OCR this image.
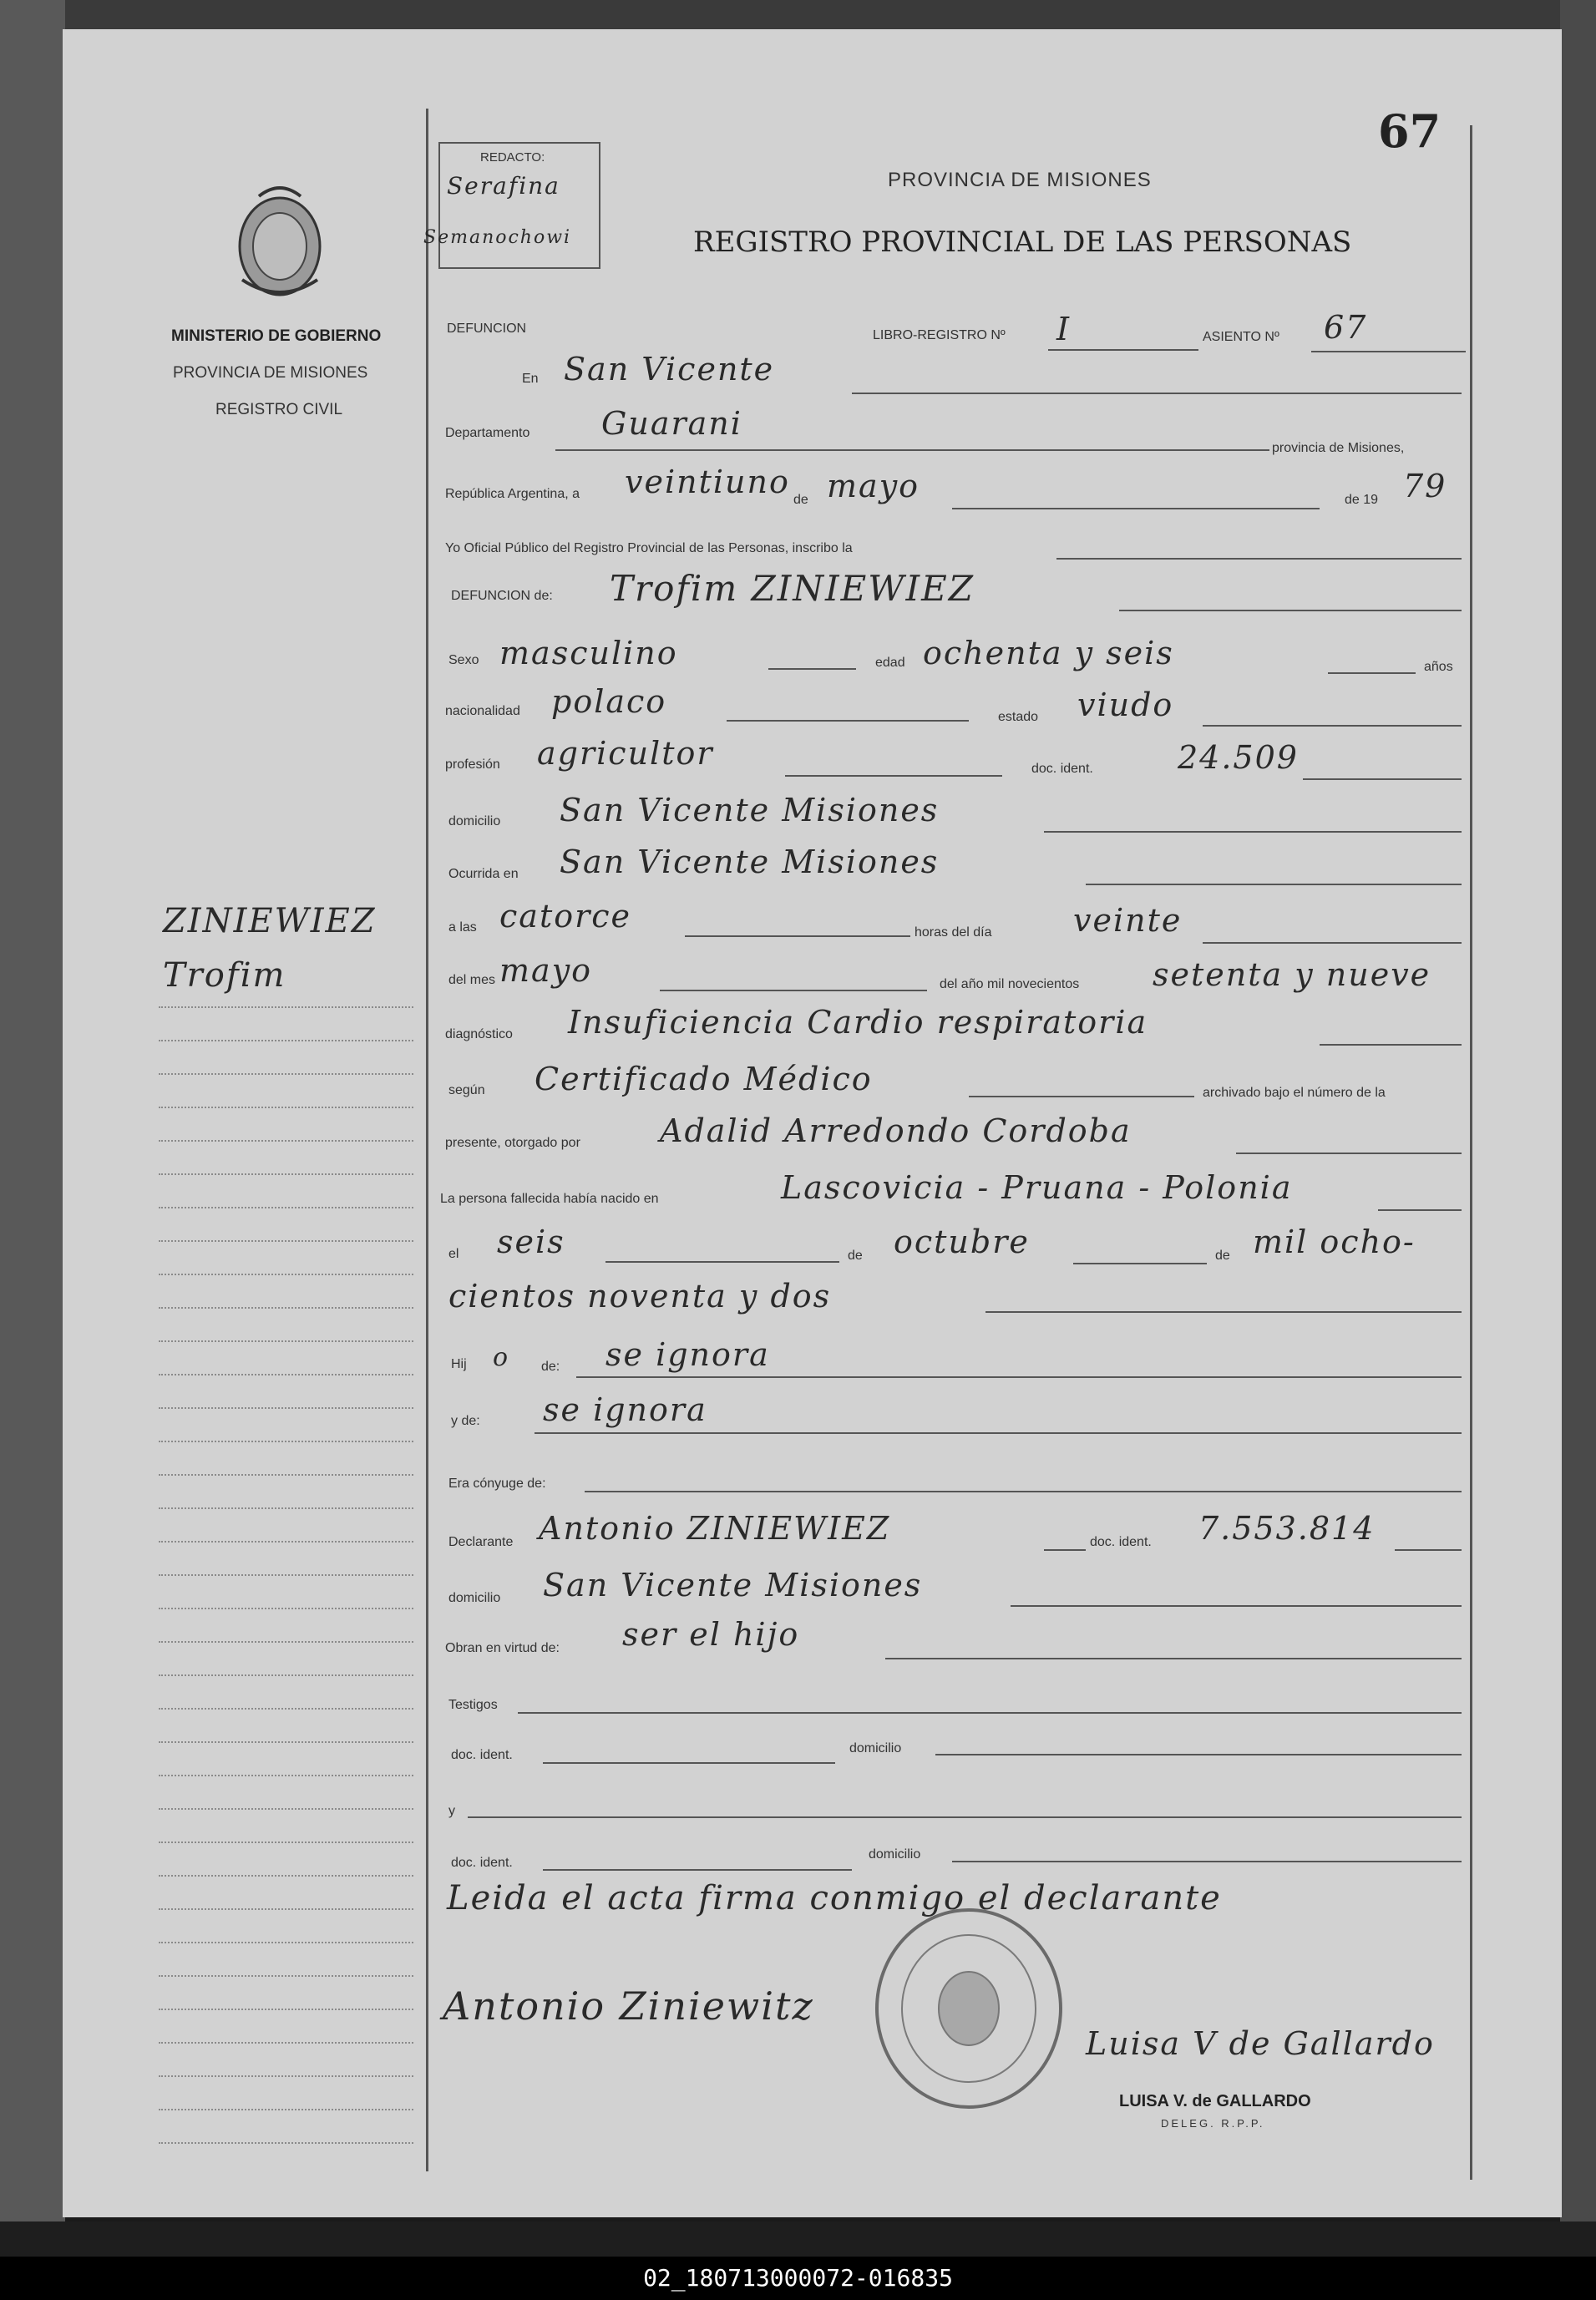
67
REDACTO:
Serafina
Semanochowi
PROVINCIA DE MISIONES
REGISTRO PROVINCIAL DE LAS PERSONAS
MINISTERIO DE GOBIERNO
PROVINCIA DE MISIONES
REGISTRO CIVIL
ZINIEWIEZ
Trofim
DEFUNCION	LIBRO-REGISTRO Nº I	ASIENTO Nº 67
En San Vicente
Departamento Guarani
provincia de Misiones,
República Argentina, a veintiuno de mayo	de 19 79
Yo Oficial Público del Registro Provincial de las Personas, inscribo la
DEFUNCION de: Trofim ZINIEWIEZ
Sexo masculino	edad ochenta y seis	años
nacionalidad polaco	estado viudo
profesión agricultor	doc. ident.	24.509
domicilio San Vicente Misiones
Ocurrida en San Vicente Misiones
a las catorce	horas del día	veinte
del mes mayo	del año mil novecientos setenta y nueve
diagnóstico Insuficiencia Cardio respiratoria
según Certificado Médico	archivado bajo el número de la
presente, otorgado por	Adalid Arredondo Cordoba
La persona fallecida había nacido en	Lascovicia - Pruana - Polonia
el seis	de octubre	de mil ocho-
cientos noventa y dos
Hij o de: se ignora
y de: se ignora
Era cónyuge de:
Declarante Antonio ZINIEWIEZ	doc. ident. 7.553.814
domicilio San Vicente Misiones
Obran en virtud de: ser el hijo
Testigos
doc. ident.	domicilio
y
doc. ident.
domicilio
Leida el acta firma conmigo el declarante
Antonio Ziniewitz
Luisa V de Gallardo
LUISA V. de GALLARDO
DELEG. R.P.P.
02_180713000072-016835
